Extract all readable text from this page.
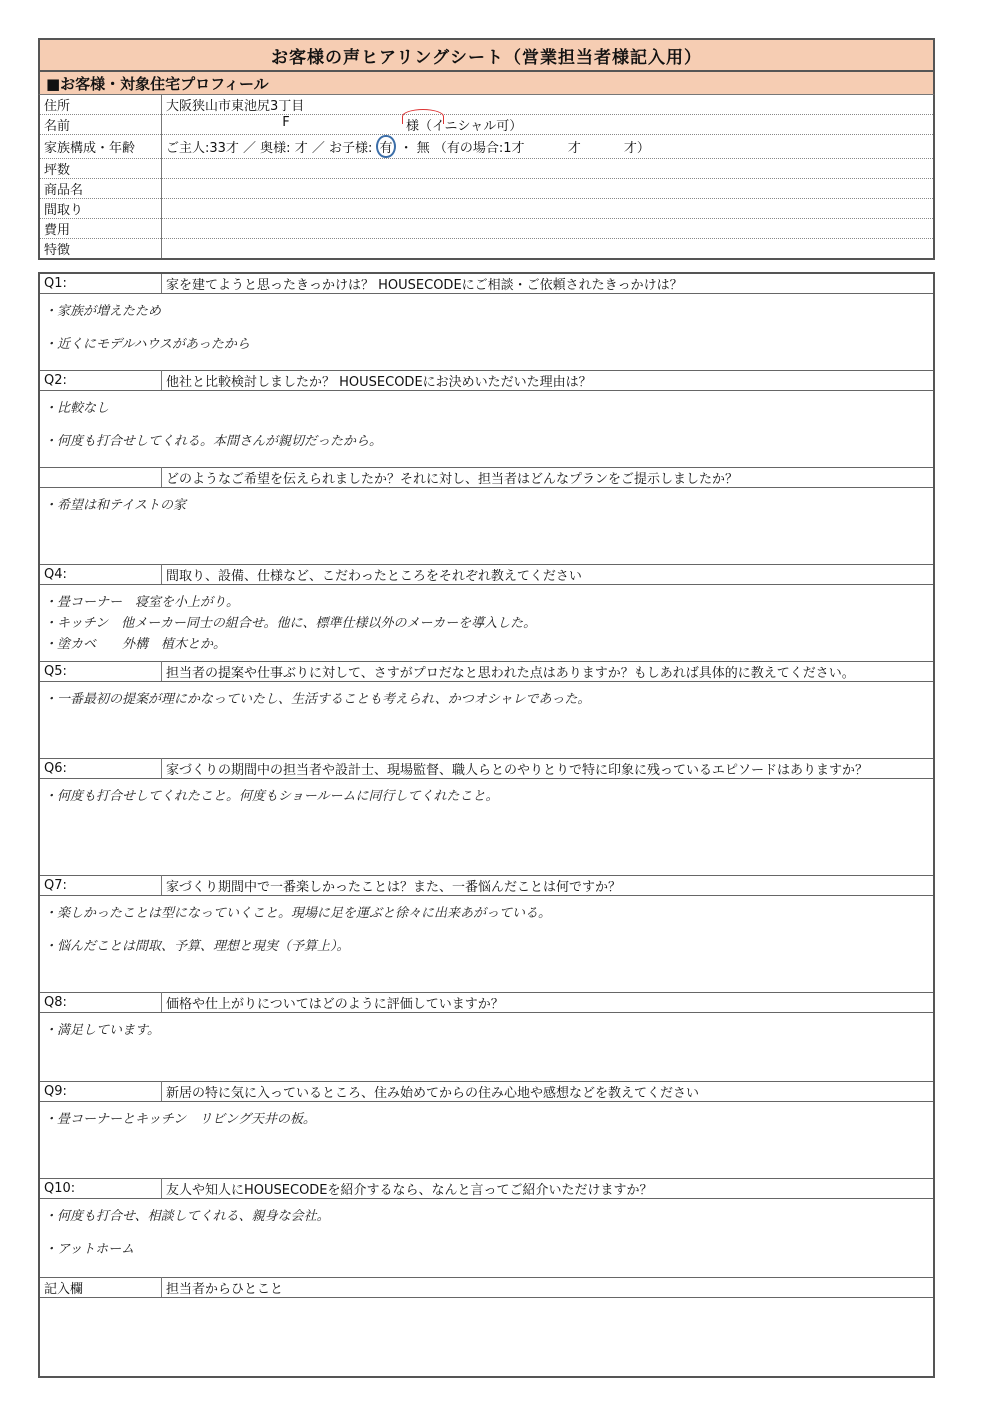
お客様の声ヒアリングシート（営業担当者様記入用）
■お客様・対象住宅プロフィール
住所	大阪狭山市東池尻3丁目
名前	F 様（イニシャル可）

家族構成・年齢	ご主人:33才 ／ 奥様: 才 ／ お子様: 有 ・ 無 （有の場合:1才　　　 才　　　 才）
坪数	
商品名	
間取り	
費用	
特徴	
Q1:	家を建てようと思ったきっかけは？ HOUSECODEにご相談・ご依頼されたきっかけは？

・家族が増えたため
・近くにモデルハウスがあったから	

Q2:	他社と比較検討しましたか？ HOUSECODEにお決めいただいた理由は？

・比較なし
・何度も打合せしてくれる。本間さんが親切だったから。	

	どのようなご希望を伝えられましたか？それに対し、担当者はどんなプランをご提示しましたか？

・希望は和テイストの家	

Q4:	間取り、設備、仕様など、こだわったところをそれぞれ教えてください

・畳コーナー　寝室を小上がり。
・キッチン　他メーカー同士の組合せ。他に、標準仕様以外のメーカーを導入した。
・塗カベ　　外構　植木とか。	

Q5:	担当者の提案や仕事ぶりに対して、さすがプロだなと思われた点はありますか？もしあれば具体的に教えてください。

・一番最初の提案が理にかなっていたし、生活することも考えられ、かつオシャレであった。	

Q6:	家づくりの期間中の担当者や設計士、現場監督、職人らとのやりとりで特に印象に残っているエピソードはありますか？

・何度も打合せしてくれたこと。何度もショールームに同行してくれたこと。	

Q7:	家づくり期間中で一番楽しかったことは？また、一番悩んだことは何ですか？

・楽しかったことは型になっていくこと。現場に足を運ぶと徐々に出来あがっている。
・悩んだことは間取、予算、理想と現実（予算上）。	

Q8:	価格や仕上がりについてはどのように評価していますか？

・満足しています。	

Q9:	新居の特に気に入っているところ、住み始めてからの住み心地や感想などを教えてください

・畳コーナーとキッチン　リビング天井の板。	

Q10:	友人や知人にHOUSECODEを紹介するなら、なんと言ってご紹介いただけますか？

・何度も打合せ、相談してくれる、親身な会社。
・アットホーム	

記入欄	担当者からひとこと
